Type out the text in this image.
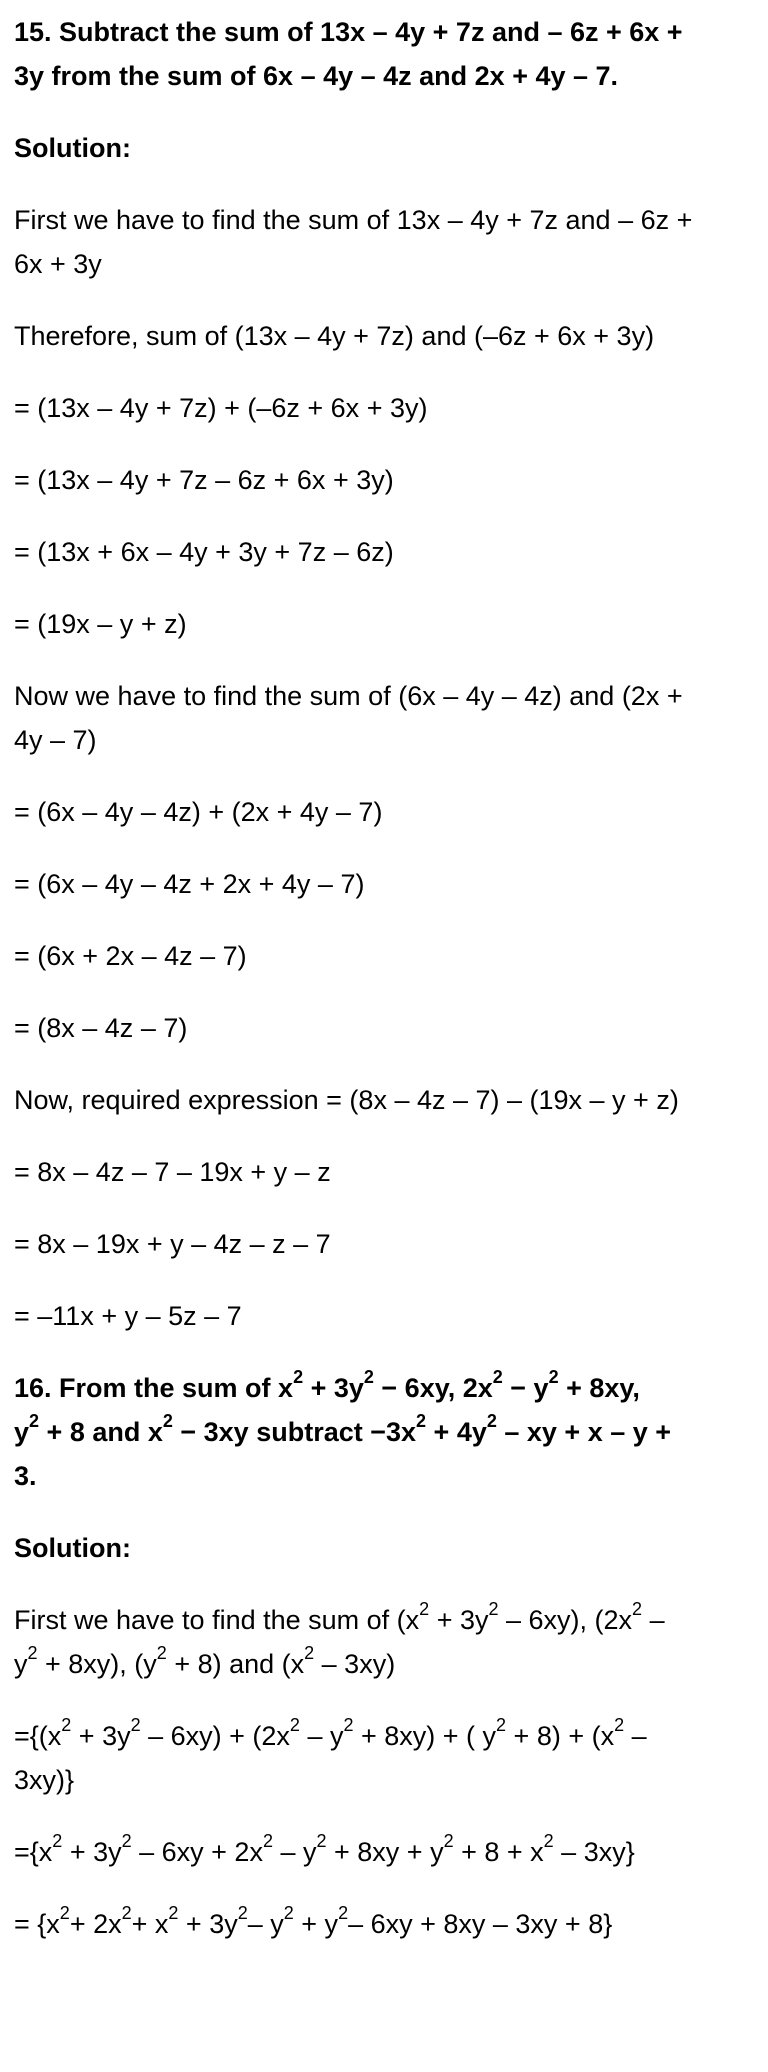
15. Subtract the sum of 13x – 4y + 7z and – 6z + 6x +

3y from the sum of 6x – 4y – 4z and 2x + 4y – 7.

Solution:

First we have to find the sum of 13x – 4y + 7z and – 6z +

6x + 3y

Therefore, sum of (13x – 4y + 7z) and (–6z + 6x + 3y)

= (13x – 4y + 7z) + (–6z + 6x + 3y)

= (13x – 4y + 7z – 6z + 6x + 3y)

= (13x + 6x – 4y + 3y + 7z – 6z)

= (19x – y + z)

Now we have to find the sum of (6x – 4y – 4z) and (2x +

4y – 7)

= (6x – 4y – 4z) + (2x + 4y – 7)

= (6x – 4y – 4z + 2x + 4y – 7)

= (6x + 2x – 4z – 7)

= (8x – 4z – 7)

Now, required expression = (8x – 4z – 7) – (19x – y + z)

= 8x – 4z – 7 – 19x + y – z

= 8x – 19x + y – 4z – z – 7

= –11x + y – 5z – 7

16. From the sum of $x^2 + 3y^2 - 6xy$, $2x^2 - y^2 + 8xy$,

$y^2 + 8$ and $x^2 - 3xy$ subtract $-3x^2 + 4y^2$ – xy + x – y +

3.

Solution:

First we have to find the sum of $(x^2 + 3y^2 - 6xy)$, ($2x^2$ –

$y^2 + 8xy$), $(y^2 + 8)$ and $(x^2 - 3xy)$

$=\{(x^2 + 3y^2 - 6xy) + (2x^2 - y^2 + 8xy)$ + ( $y^2 + 8) + (x^2$ –

3xy)}

$=\{x^2 + 3y^2 - 6xy + 2x^2 - y^2 + 8xy + y^2 + 8 + x^2 - 3xy\}$

= {$x^2+ 2x^2+ x^2 + 3y^2-$ $y^2 + y^2-$ 6xy + 8xy – 3xy + 8}
